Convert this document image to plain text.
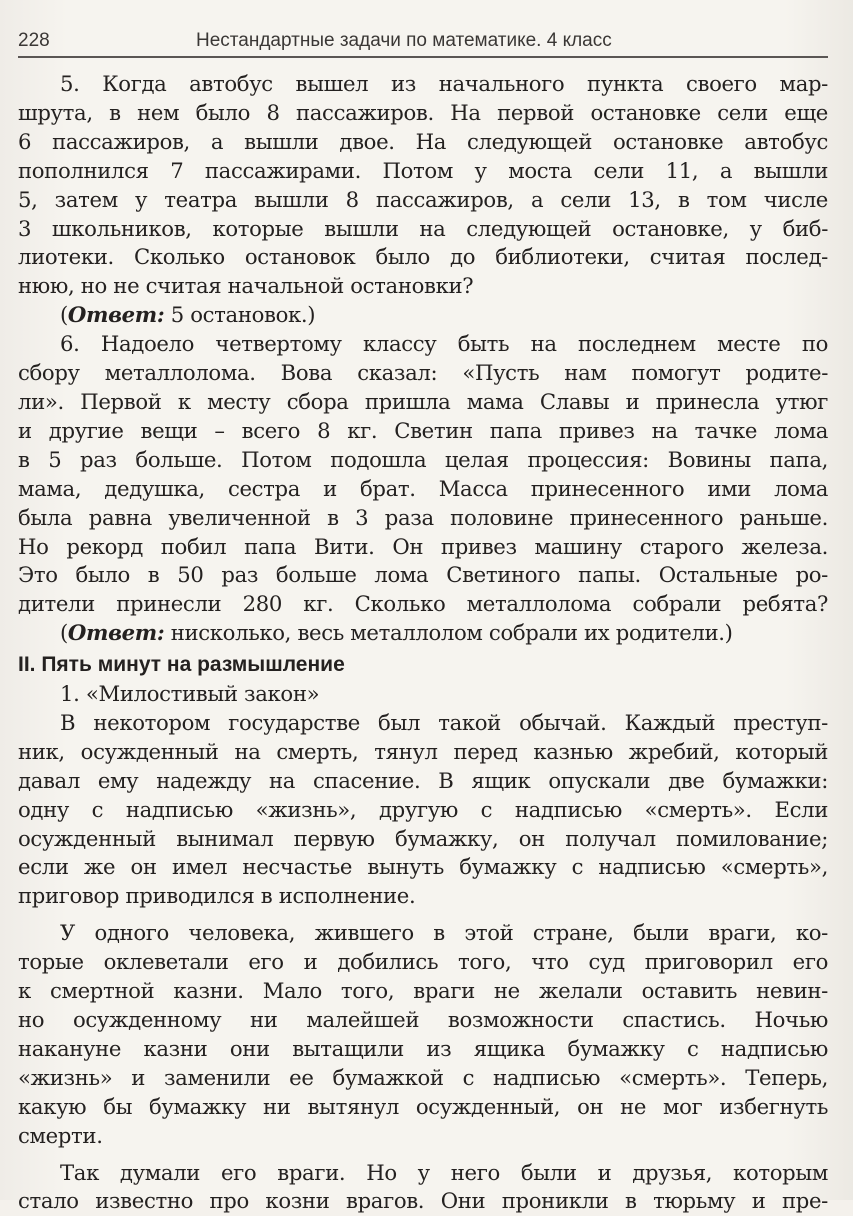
228	Нестандартные задачи по математике. 4 класс
5. Когда автобус вышел из начального пункта своего мар-
шрута, в нем было 8 пассажиров. На первой остановке сели еще
6 пассажиров, а вышли двое. На следующей остановке автобус
пополнился 7 пассажирами. Потом у моста сели 11, а вышли
5, затем у театра вышли 8 пассажиров, а сели 13, в том числе
3 школьников, которые вышли на следующей остановке, у биб-
лиотеки. Сколько остановок было до библиотеки, считая послед-
нюю, но не считая начальной остановки?
(Ответ: 5 остановок.)
6. Надоело четвертому классу быть на последнем месте по
сбору металлолома. Вова сказал: «Пусть нам помогут родите-
ли». Первой к месту сбора пришла мама Славы и принесла утюг
и другие вещи – всего 8 кг. Светин папа привез на тачке лома
в 5 раз больше. Потом подошла целая процессия: Вовины папа,
мама, дедушка, сестра и брат. Масса принесенного ими лома
была равна увеличенной в 3 раза половине принесенного раньше.
Но рекорд побил папа Вити. Он привез машину старого железа.
Это было в 50 раз больше лома Светиного папы. Остальные ро-
дители принесли 280 кг. Сколько металлолома собрали ребята?
(Ответ: нисколько, весь металлолом собрали их родители.)
II. Пять минут на размышление
1. «Милостивый закон»
В некотором государстве был такой обычай. Каждый преступ-
ник, осужденный на смерть, тянул перед казнью жребий, который
давал ему надежду на спасение. В ящик опускали две бумажки:
одну с надписью «жизнь», другую с надписью «смерть». Если
осужденный вынимал первую бумажку, он получал помилование;
если же он имел несчастье вынуть бумажку с надписью «смерть»,
приговор приводился в исполнение.
У одного человека, жившего в этой стране, были враги, ко-
торые оклеветали его и добились того, что суд приговорил его
к смертной казни. Мало того, враги не желали оставить невин-
но осужденному ни малейшей возможности спастись. Ночью
накануне казни они вытащили из ящика бумажку с надписью
«жизнь» и заменили ее бумажкой с надписью «смерть». Теперь,
какую бы бумажку ни вытянул осужденный, он не мог избегнуть
смерти.
Так думали его враги. Но у него были и друзья, которым
стало известно про козни врагов. Они проникли в тюрьму и пре-
